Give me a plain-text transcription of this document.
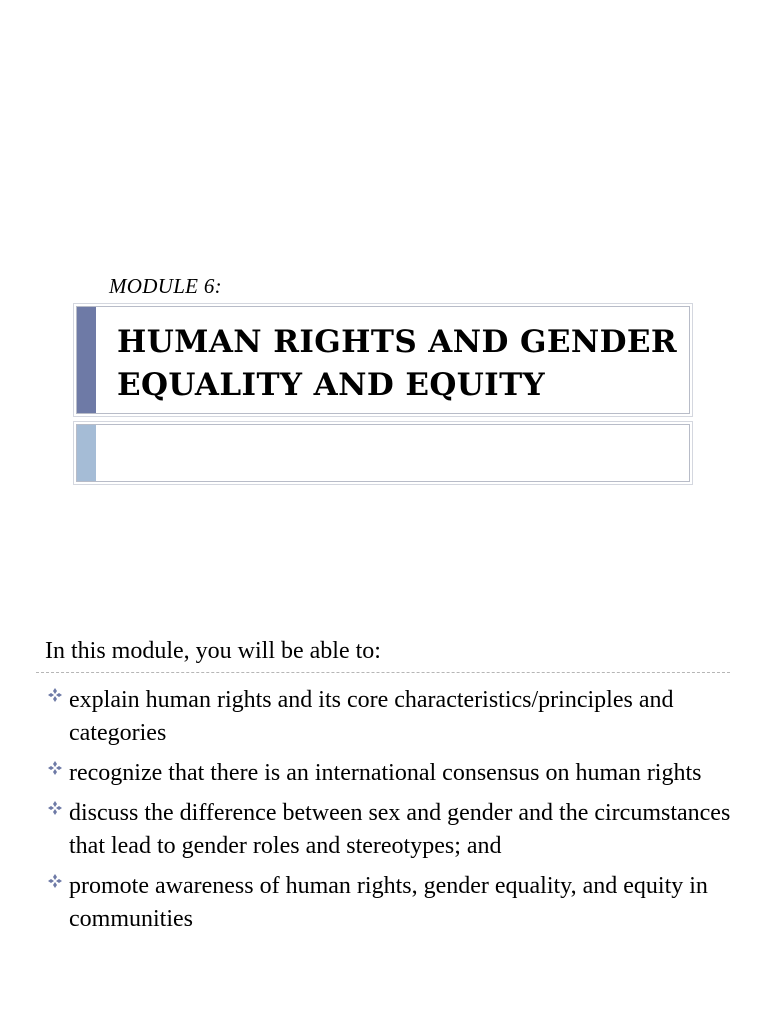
MODULE 6:
HUMAN RIGHTS AND GENDER
EQUALITY AND EQUITY
In this module, you will be able to:
explain human rights and its core characteristics/principles and categories
recognize that there is an international consensus on human rights
discuss the difference between sex and gender and the circumstances that lead to gender roles and stereotypes; and
promote awareness of human rights, gender equality, and equity in communities
